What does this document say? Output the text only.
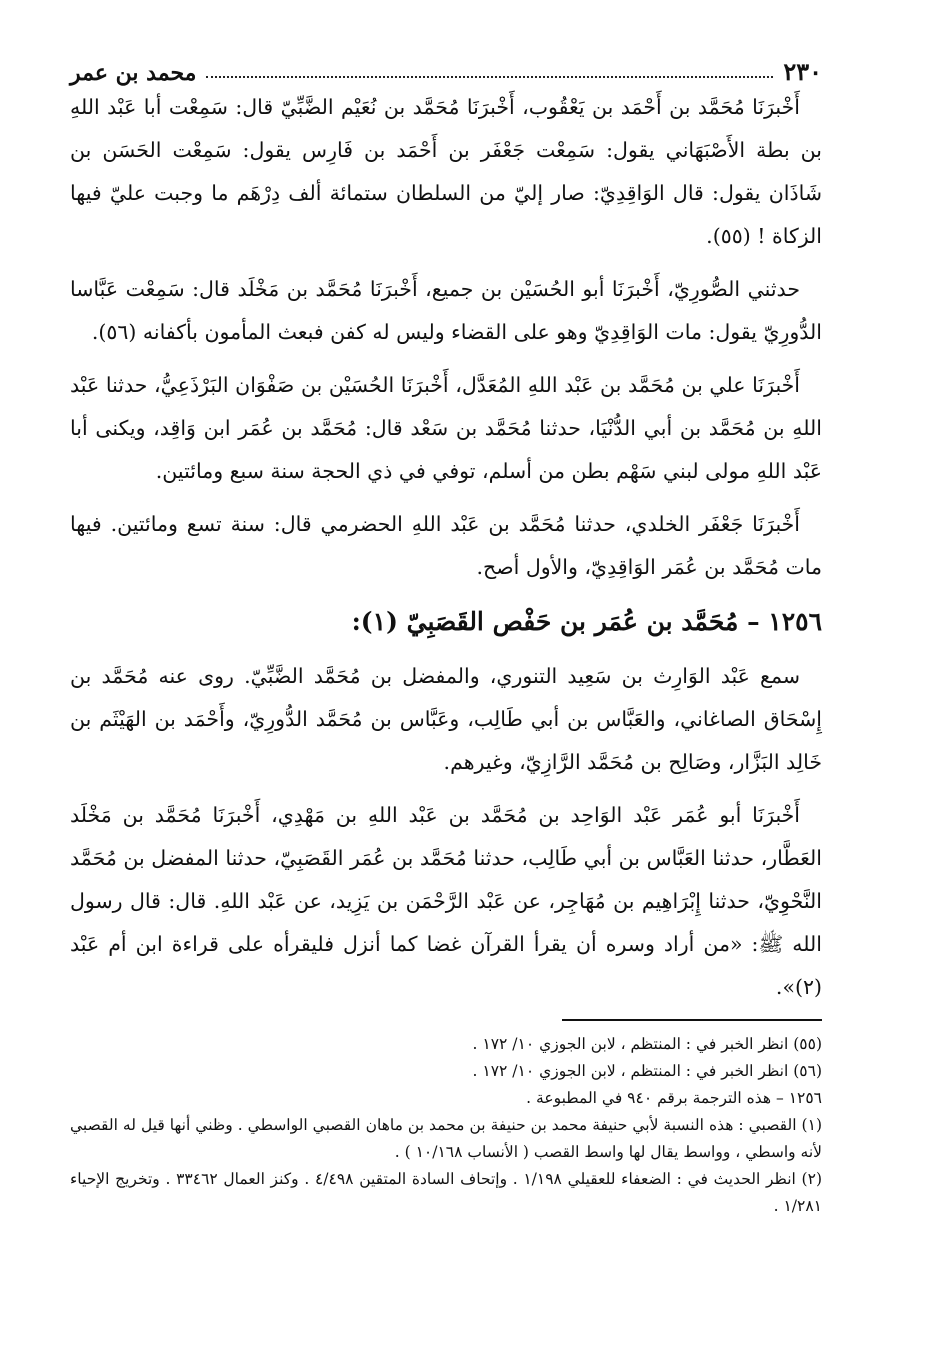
٢٣٠
محمد بن عمر

أَخْبرَنَا مُحَمَّد بن أَحْمَد بن يَعْقُوب، أَخْبرَنَا مُحَمَّد بن نُعَيْم الضَّبِّيّ قال: سَمِعْت أبا عَبْد اللهِ بن بطة الأَصْبَهَاني يقول: سَمِعْت جَعْفَر بن أَحْمَد بن فَارِس يقول: سَمِعْت الحَسَن بن شَاذَان يقول: قال الوَاقِدِيّ: صار إليّ من السلطان ستمائة ألف دِرْهَم ما وجبت عليّ فيها الزكاة ! (٥٥).

حدثني الصُّورِيّ، أَخْبرَنَا أبو الحُسَيْن بن جميع، أَخْبرَنَا مُحَمَّد بن مَخْلَد قال: سَمِعْت عَبَّاسا الدُّورِيّ يقول: مات الوَاقِدِيّ وهو على القضاء وليس له كفن فبعث المأمون بأكفانه (٥٦).

أَخْبرَنَا علي بن مُحَمَّد بن عَبْد اللهِ المُعَدَّل، أَخْبرَنَا الحُسَيْن بن صَفْوَان البَرْذَعِيُّ، حدثنا عَبْد اللهِ بن مُحَمَّد بن أبي الدُّنْيَا، حدثنا مُحَمَّد بن سَعْد قال: مُحَمَّد بن عُمَر ابن وَاقِد، ويكنى أبا عَبْد اللهِ مولى لبني سَهْم بطن من أسلم، توفي في ذي الحجة سنة سبع ومائتين.

أَخْبرَنَا جَعْفَر الخلدي، حدثنا مُحَمَّد بن عَبْد اللهِ الحضرمي قال: سنة تسع ومائتين. فيها مات مُحَمَّد بن عُمَر الوَاقِدِيّ، والأول أصح.

١٢٥٦ – مُحَمَّد بن عُمَر بن حَفْص القَصَبِيّ (١):

سمع عَبْد الوَارِث بن سَعِيد التنوري، والمفضل بن مُحَمَّد الضَّبِّيّ. روى عنه مُحَمَّد بن إِسْحَاق الصاغاني، والعَبَّاس بن أبي طَالِب، وعَبَّاس بن مُحَمَّد الدُّورِيّ، وأَحْمَد بن الهَيْثَم بن خَالِد البَزَّار، وصَالِح بن مُحَمَّد الرَّازِيّ، وغيرهم.

أَخْبرَنَا أبو عُمَر عَبْد الوَاحِد بن مُحَمَّد بن عَبْد اللهِ بن مَهْدِي، أَخْبرَنَا مُحَمَّد بن مَخْلَد العَطَّار، حدثنا العَبَّاس بن أبي طَالِب، حدثنا مُحَمَّد بن عُمَر القَصَبِيّ، حدثنا المفضل بن مُحَمَّد النَّحْوِيّ، حدثنا إِبْرَاهِيم بن مُهَاجِر، عن عَبْد الرَّحْمَن بن يَزِيد، عن عَبْد اللهِ. قال: قال رسول الله ﷺ: «من أراد وسره أن يقرأ القرآن غضا كما أنزل فليقرأه على قراءة ابن أم عَبْد (٢)».

(٥٥) انظر الخبر في : المنتظم ، لابن الجوزي ١٠/ ١٧٢ .

(٥٦) انظر الخبر في : المنتظم ، لابن الجوزي ١٠/ ١٧٢ .

١٢٥٦ – هذه الترجمة برقم ٩٤٠ في المطبوعة .

(١) القصبي : هذه النسبة لأبي حنيفة محمد بن حنيفة بن محمد بن ماهان القصبي الواسطي . وظني أنها قيل له القصبي لأنه واسطي ، وواسط يقال لها واسط القصب ( الأنساب ١٠/١٦٨ ) .

(٢) انظر الحديث في : الضعفاء للعقيلي ١/١٩٨ . وإتحاف السادة المتقين ٤/٤٩٨ . وكنز العمال ٣٣٤٦٢ . وتخريج الإحياء ١/٢٨١ .
